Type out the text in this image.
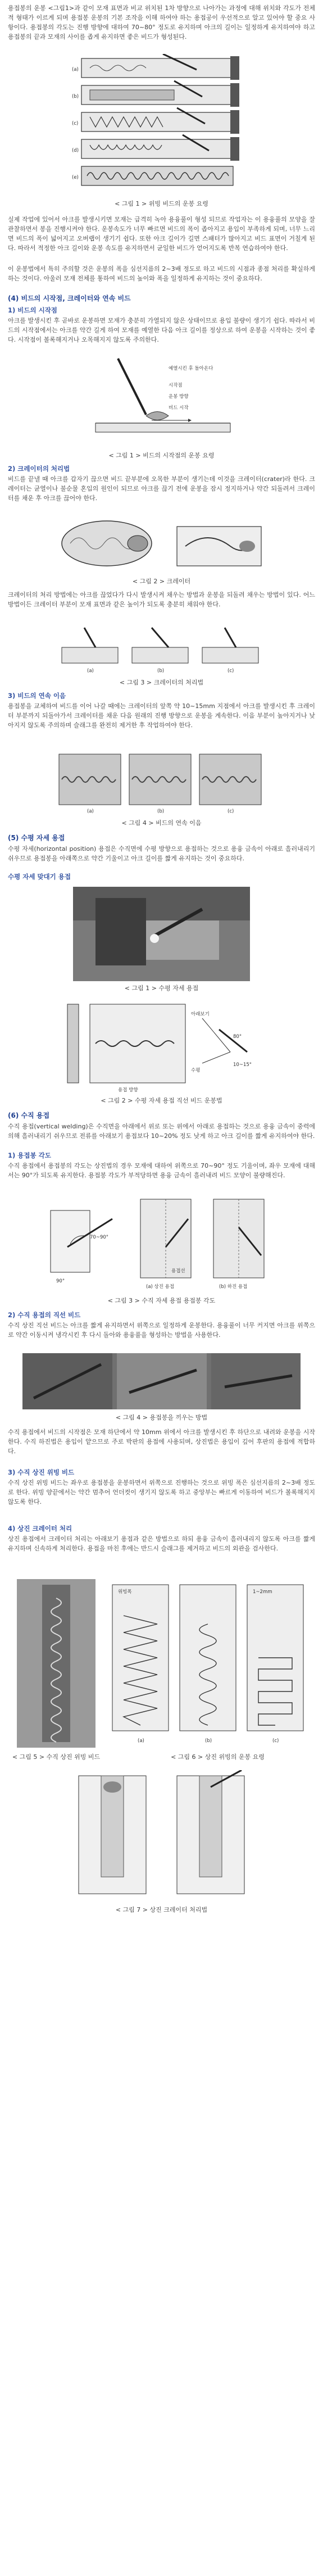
용접봉의 운봉 <그림1>과 같이 모재 표면과 비교 위치된 1차 방향으로 나아가는 과정에 대해 위치와 각도가 전체적 형태가 이르게 되며 용접봉 운봉의 기본 조작을 이해 하여야 하는 용접공이 우선적으로 알고 있어야 할 중요 사항이다. 용접봉의 각도는 진행 방향에 대하여 70~80° 정도로 유지하며 아크의 길이는 일정하게 유지하여야 하고 용접봉의 끝과 모재의 사이를 좁게 유지하면 좋은 비드가 형성된다.
(a)
(b)
(c)
(d)
(e)
< 그림 1 > 위빙 비드의 운봉 요령
실제 작업에 있어서 아크를 발생시키면 모재는 급격히 녹아 용융풀이 형성 되므로 작업자는 이 용융풀의 모양을 잘 관찰하면서 봉을 진행시켜야 한다. 운봉속도가 너무 빠르면 비드의 폭이 좁아지고 용입이 부족하게 되며, 너무 느리면 비드의 폭이 넓어지고 오버랩이 생기기 쉽다. 또한 아크 길이가 길면 스패터가 많아지고 비드 표면이 거칠게 된다. 따라서 적정한 아크 길이와 운봉 속도를 유지하면서 균일한 비드가 얻어지도록 반복 연습하여야 한다.
이 운봉법에서 특히 주의할 것은 운봉의 폭을 심선지름의 2~3배 정도로 하고 비드의 시점과 종점 처리를 확실하게 하는 것이다. 아울러 모재 전체를 통하여 비드의 높이와 폭을 일정하게 유지하는 것이 중요하다.
(4) 비드의 시작점, 크레이터와 연속 비드
1) 비드의 시작점
아크를 발생시킨 후 곧바로 운봉하면 모재가 충분히 가열되지 않은 상태이므로 용입 불량이 생기기 쉽다. 따라서 비드의 시작점에서는 아크를 약간 길게 하여 모재를 예열한 다음 아크 길이를 정상으로 하여 운봉을 시작하는 것이 좋다. 시작점이 볼록해지거나 오목해지지 않도록 주의한다.
예열시킨 후 돌아온다
시작점
운봉 방향
비드 시작
< 그림 1 > 비드의 시작점의 운봉 요령
2) 크레이터의 처리법
비드를 끝낼 때 아크를 갑자기 끊으면 비드 끝부분에 오목한 부분이 생기는데 이것을 크레이터(crater)라 한다. 크레이터는 균열이나 불순물 혼입의 원인이 되므로 아크를 끊기 전에 운봉을 잠시 정지하거나 약간 되돌려서 크레이터를 채운 후 아크를 끊어야 한다.
< 그림 2 > 크레이터
크레이터의 처리 방법에는 아크를 끊었다가 다시 발생시켜 채우는 방법과 운봉을 되돌려 채우는 방법이 있다. 어느 방법이든 크레이터 부분이 모재 표면과 같은 높이가 되도록 충분히 채워야 한다.
(a)	(b)	(c)
< 그림 3 > 크레이터의 처리법
3) 비드의 연속 이음
용접봉을 교체하여 비드를 이어 나갈 때에는 크레이터의 앞쪽 약 10~15mm 지점에서 아크를 발생시킨 후 크레이터 부분까지 되돌아가서 크레이터를 채운 다음 원래의 진행 방향으로 운봉을 계속한다. 이음 부분이 높아지거나 낮아지지 않도록 주의하며 슬래그를 완전히 제거한 후 작업하여야 한다.
(a)	(b)	(c)
< 그림 4 > 비드의 연속 이음
(5) 수평 자세 용접
수평 자세(horizontal position) 용접은 수직면에 수평 방향으로 용접하는 것으로 용융 금속이 아래로 흘러내리기 쉬우므로 용접봉을 아래쪽으로 약간 기울이고 아크 길이를 짧게 유지하는 것이 중요하다.
수평 자세 맞대기 용접
< 그림 1 > 수평 자세 용접
아래보기
수평
80°
10~15°
용접 방향
< 그림 2 > 수평 자세 용접 직선 비드 운봉법
(6) 수직 용접
수직 용접(vertical welding)은 수직면을 아래에서 위로 또는 위에서 아래로 용접하는 것으로 용융 금속이 중력에 의해 흘러내리기 쉬우므로 전류를 아래보기 용접보다 10~20% 정도 낮게 하고 아크 길이를 짧게 유지하여야 한다.
1) 용접봉 각도
수직 용접에서 용접봉의 각도는 상진법의 경우 모재에 대하여 위쪽으로 70~90° 정도 기울이며, 좌우 모재에 대해서는 90°가 되도록 유지한다. 용접봉 각도가 부적당하면 용융 금속이 흘러내려 비드 모양이 불량해진다.
70~90°
90°
(a) 상진 용접	(b) 하진 용접
용접선
< 그림 3 > 수직 자세 용접 용접봉 각도
2) 수직 용접의 직선 비드
수직 상진 직선 비드는 아크를 짧게 유지하면서 위쪽으로 일정하게 운봉한다. 용융풀이 너무 커지면 아크를 위쪽으로 약간 이동시켜 냉각시킨 후 다시 돌아와 용융풀을 형성하는 방법을 사용한다.
< 그림 4 > 용접봉을 끼우는 방법
수직 용접에서 비드의 시작점은 모재 하단에서 약 10mm 위에서 아크를 발생시킨 후 하단으로 내려와 운봉을 시작한다. 수직 하진법은 용입이 얕으므로 주로 박판의 용접에 사용되며, 상진법은 용입이 깊어 후판의 용접에 적합하다.
3) 수직 상진 위빙 비드
수직 상진 위빙 비드는 좌우로 용접봉을 운봉하면서 위쪽으로 진행하는 것으로 위빙 폭은 심선지름의 2~3배 정도로 한다. 위빙 양끝에서는 약간 멈추어 언더컷이 생기지 않도록 하고 중앙부는 빠르게 이동하여 비드가 볼록해지지 않도록 한다.
4) 상진 크레이터 처리
상진 용접에서 크레이터 처리는 아래보기 용접과 같은 방법으로 하되 용융 금속이 흘러내리지 않도록 아크를 짧게 유지하며 신속하게 처리한다. 용접을 마친 후에는 반드시 슬래그를 제거하고 비드의 외관을 검사한다.
(a)	(b)	(c)
위빙폭	1~2mm
< 그림 5 > 수직 상진 위빙 비드	< 그림 6 > 상진 위빙의 운봉 요령
< 그림 7 > 상진 크레이터 처리법
